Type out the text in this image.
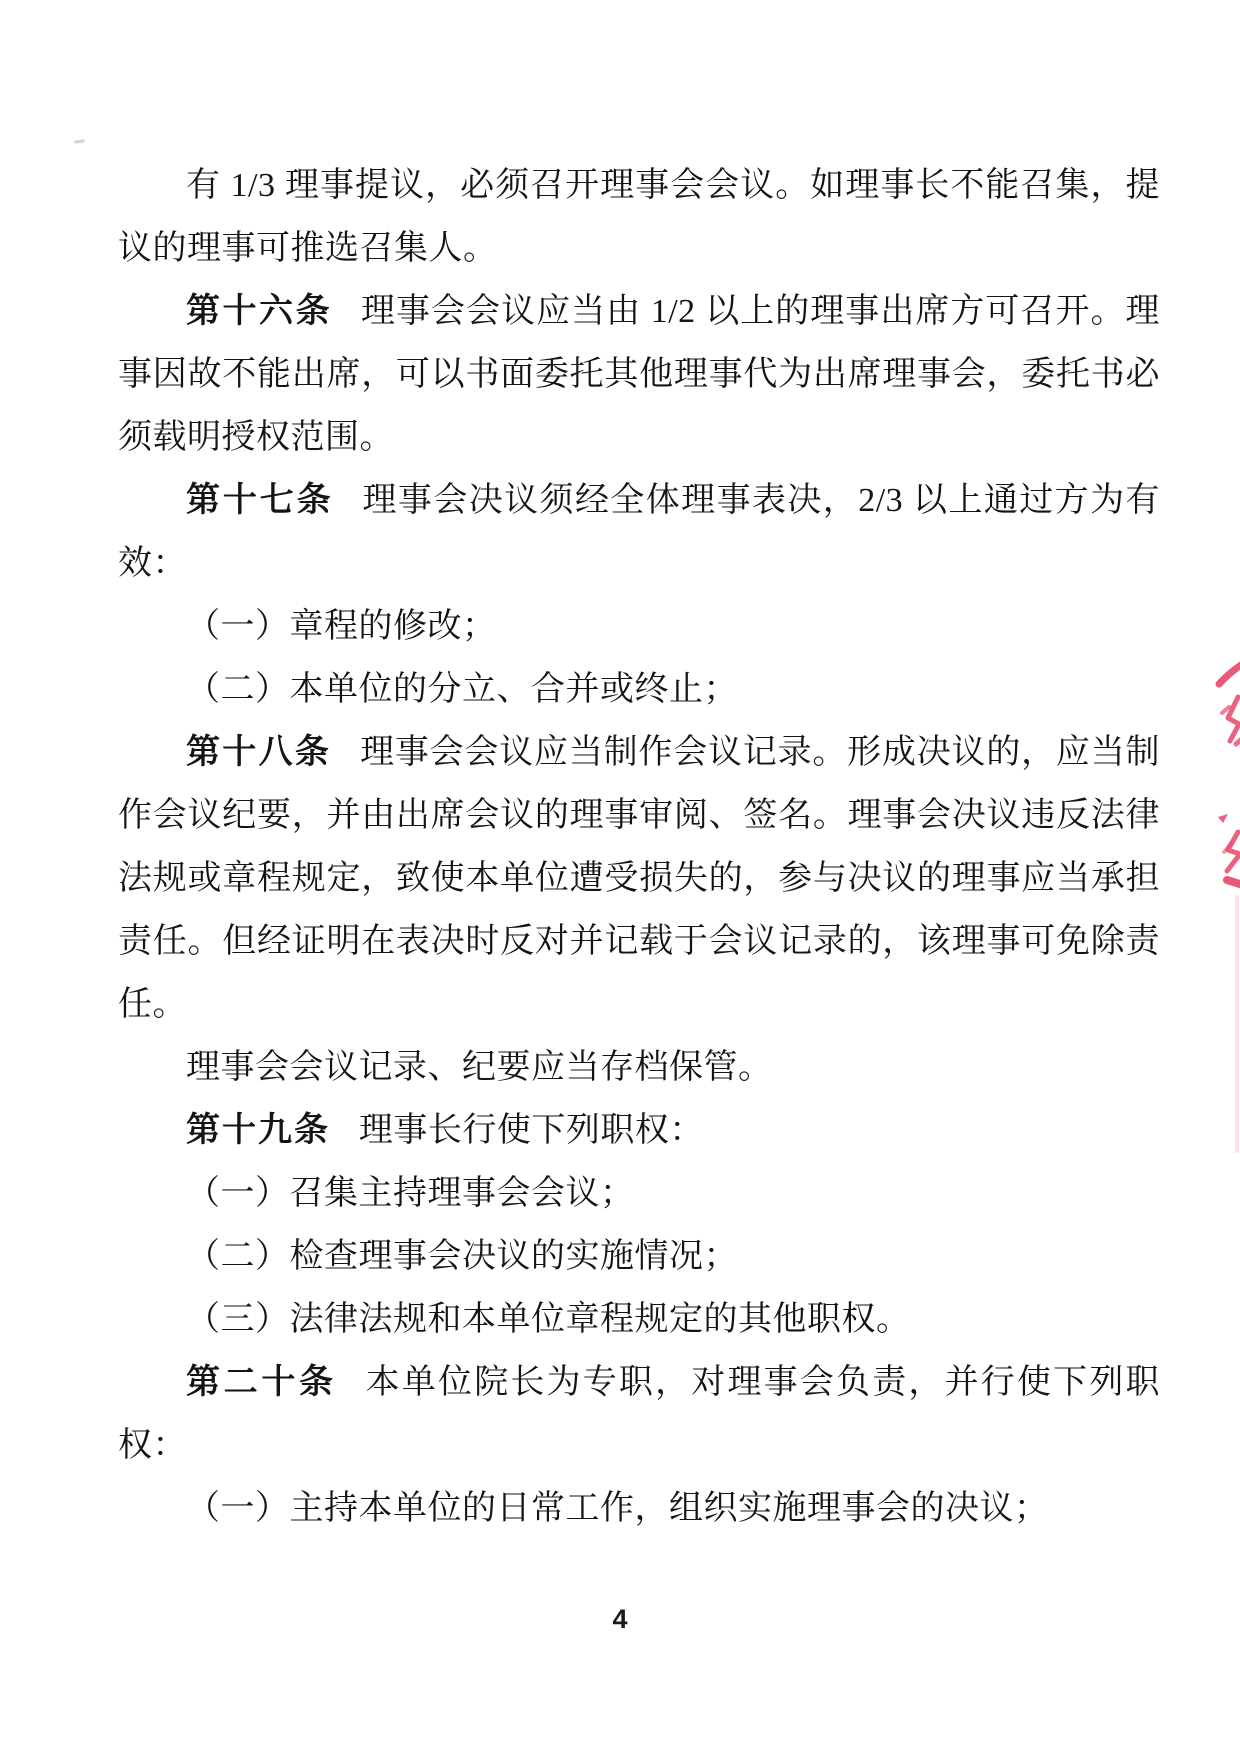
有 1/3 理事提议，必须召开理事会会议。如理事长不能召集，提
议的理事可推选召集人。
第十六条 理事会会议应当由 1/2 以上的理事出席方可召开。理
事因故不能出席，可以书面委托其他理事代为出席理事会，委托书必
须载明授权范围。
第十七条 理事会决议须经全体理事表决，2/3 以上通过方为有
效：
（一）章程的修改；
（二）本单位的分立、合并或终止；
第十八条 理事会会议应当制作会议记录。形成决议的，应当制
作会议纪要，并由出席会议的理事审阅、签名。理事会决议违反法律
法规或章程规定，致使本单位遭受损失的，参与决议的理事应当承担
责任。但经证明在表决时反对并记载于会议记录的，该理事可免除责
任。
理事会会议记录、纪要应当存档保管。
第十九条 理事长行使下列职权：
（一）召集主持理事会会议；
（二）检查理事会决议的实施情况；
（三）法律法规和本单位章程规定的其他职权。
第二十条 本单位院长为专职，对理事会负责，并行使下列职
权：
（一）主持本单位的日常工作，组织实施理事会的决议；
4
